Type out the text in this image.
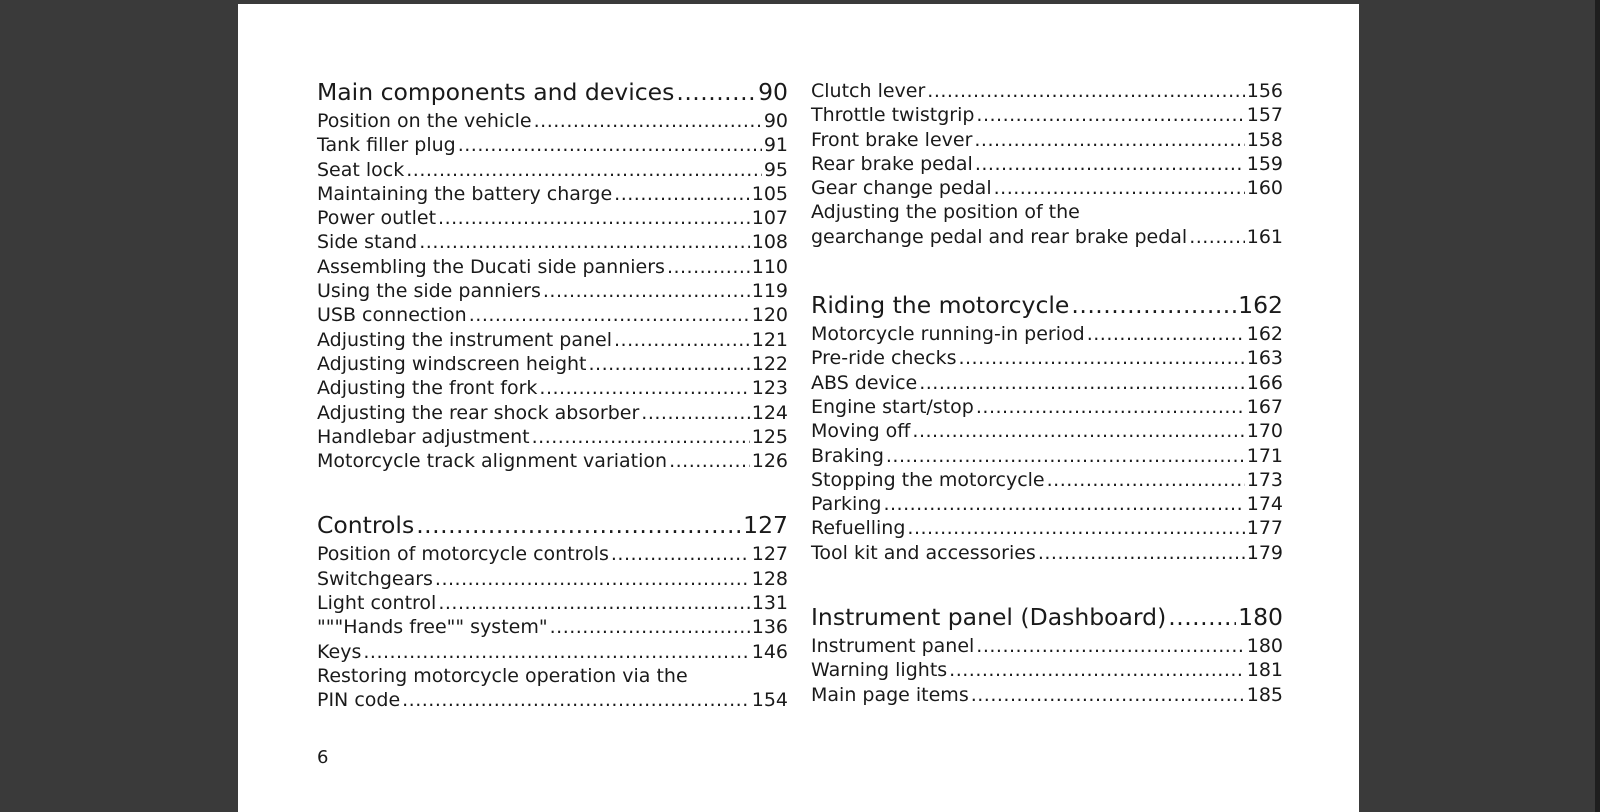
Main components and devices .....	90
Position on the vehicle .....	90
Tank filler plug .....	91
Seat lock .....	95
Maintaining the battery charge .....	105
Power outlet .....	107
Side stand .....	108
Assembling the Ducati side panniers .....	110
Using the side panniers .....	119
USB connection .....	120
Adjusting the instrument panel .....	121
Adjusting windscreen height .....	122
Adjusting the front fork .....	123
Adjusting the rear shock absorber .....	124
Handlebar adjustment .....	125
Motorcycle track alignment variation .....	126
Controls .....	127
Position of motorcycle controls .....	127
Switchgears .....	128
Light control .....	131
"""Hands free"" system" .....	136
Keys .....	146
Restoring motorcycle operation via the
PIN code .....	154
Clutch lever .....	156
Throttle twistgrip .....	157
Front brake lever .....	158
Rear brake pedal .....	159
Gear change pedal .....	160
Adjusting the position of the
gearchange pedal and rear brake pedal .....	161
Riding the motorcycle .....	162
Motorcycle running-in period .....	162
Pre-ride checks .....	163
ABS device .....	166
Engine start/stop .....	167
Moving off .....	170
Braking .....	171
Stopping the motorcycle .....	173
Parking .....	174
Refuelling .....	177
Tool kit and accessories .....	179
Instrument panel (Dashboard) .....	180
Instrument panel .....	180
Warning lights .....	181
Main page items .....	185
6
